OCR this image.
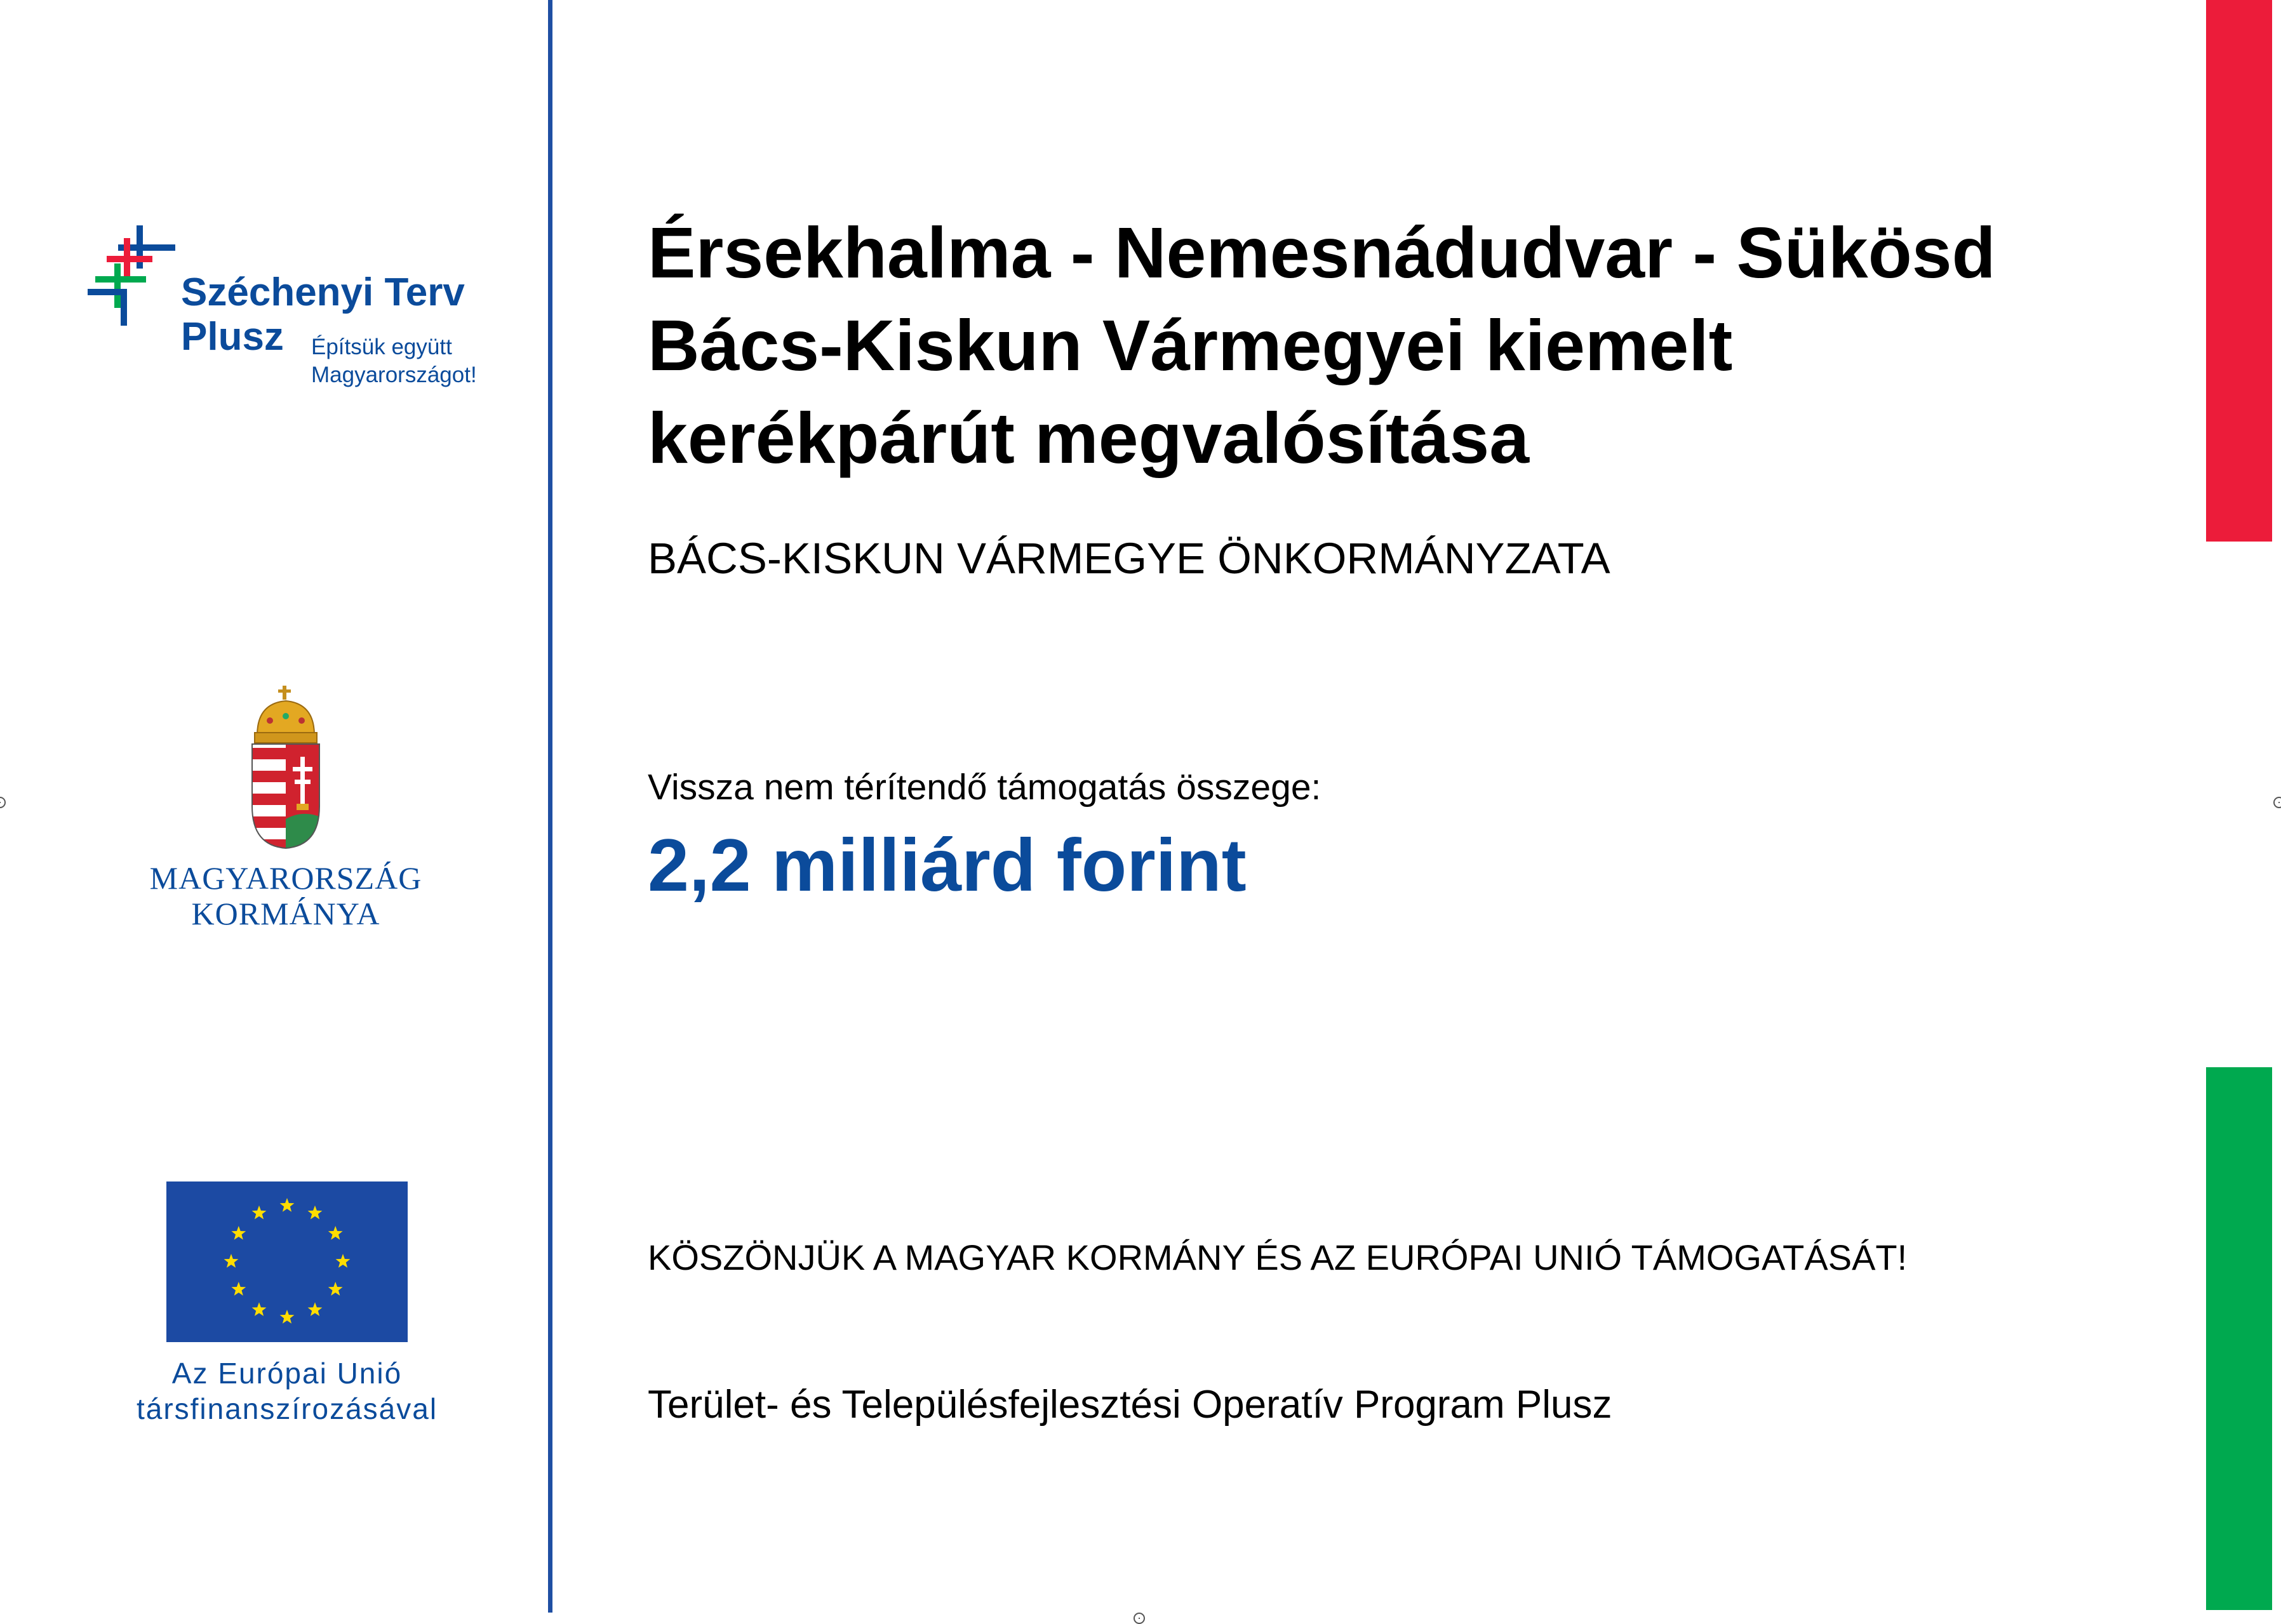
Széchenyi Terv
Plusz Építsük együtt
Magyarországot!
MAGYARORSZÁG
KORMÁNYA
Az Európai Unió
társfinanszírozásával
Érsekhalma - Nemesnádudvar - Sükösd
Bács-Kiskun Vármegyei kiemelt
kerékpárút megvalósítása
BÁCS-KISKUN VÁRMEGYE ÖNKORMÁNYZATA
Vissza nem térítendő támogatás összege:
2,2 milliárd forint
KÖSZÖNJÜK A MAGYAR KORMÁNY ÉS AZ EURÓPAI UNIÓ TÁMOGATÁSÁT!
Terület- és Településfejlesztési Operatív Program Plusz
